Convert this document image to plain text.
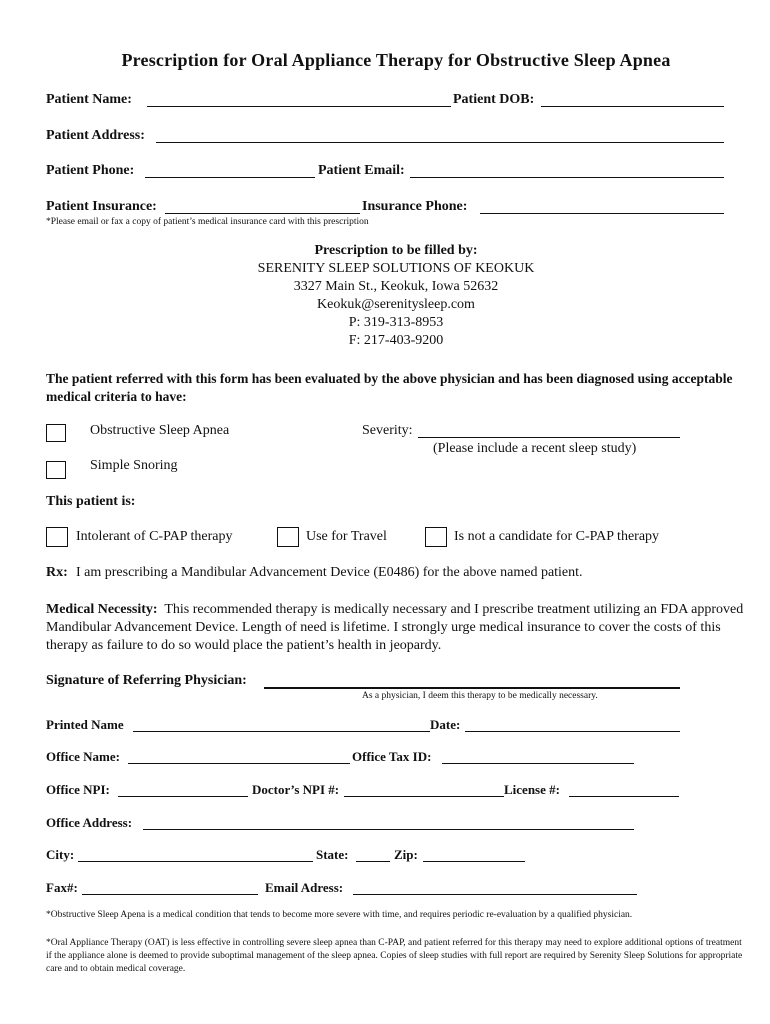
Prescription for Oral Appliance Therapy for Obstructive Sleep Apnea
Patient Name:	Patient DOB:
Patient Address:
Patient Phone:	Patient Email:
Patient Insurance:	Insurance Phone:
*Please email or fax a copy of patient’s medical insurance card with this prescription
Prescription to be filled by:
SERENITY SLEEP SOLUTIONS OF KEOKUK
3327 Main St., Keokuk, Iowa 52632
Keokuk@serenitysleep.com
P: 319-313-8953
F: 217-403-9200
The patient referred with this form has been evaluated by the above physician and has been diagnosed using acceptable medical criteria to have:
Obstructive Sleep Apnea	Severity:
(Please include a recent sleep study)
Simple Snoring
This patient is:
Intolerant of C-PAP therapy	Use for Travel	Is not a candidate for C-PAP therapy
Rx: I am prescribing a Mandibular Advancement Device (E0486) for the above named patient.
Medical Necessity: This recommended therapy is medically necessary and I prescribe treatment utilizing an FDA approved Mandibular Advancement Device. Length of need is lifetime. I strongly urge medical insurance to cover the costs of this therapy as failure to do so would place the patient’s health in jeopardy.
Signature of Referring Physician:
As a physician, I deem this therapy to be medically necessary.
Printed Name	Date:
Office Name:	Office Tax ID:
Office NPI:	Doctor’s NPI #:	License #:
Office Address:
City:	State:	Zip:
Fax#:	Email Adress:
*Obstructive Sleep Apena is a medical condition that tends to become more severe with time, and requires periodic re-evaluation by a qualified physician.
*Oral Appliance Therapy (OAT) is less effective in controlling severe sleep apnea than C-PAP, and patient referred for this therapy may need to explore additional options of treatment if the appliance alone is deemed to provide suboptimal management of the sleep apnea. Copies of sleep studies with full report are required by Serenity Sleep Solutions for appropriate care and to obtain medical coverage.
